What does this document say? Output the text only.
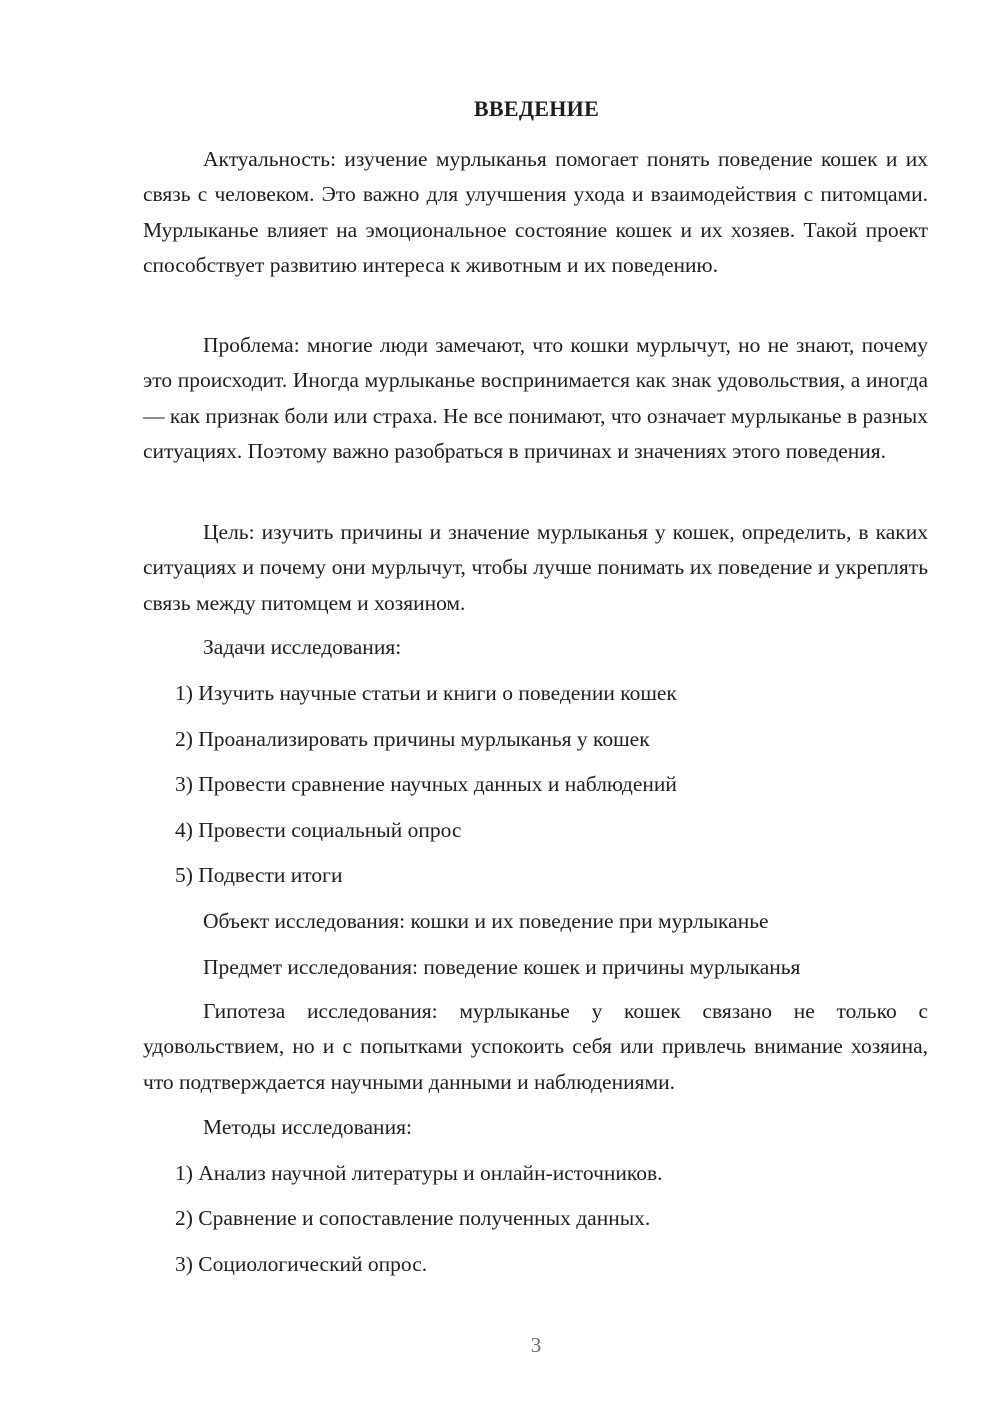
ВВЕДЕНИЕ

Актуальность: изучение мурлыканья помогает понять поведение кошек и их связь с человеком. Это важно для улучшения ухода и взаимодействия с питомцами. Мурлыканье влияет на эмоциональное состояние кошек и их хозяев. Такой проект способствует развитию интереса к животным и их поведению.

Проблема: многие люди замечают, что кошки мурлычут, но не знают, почему это происходит. Иногда мурлыканье воспринимается как знак удовольствия, а иногда — как признак боли или страха. Не все понимают, что означает мурлыканье в разных ситуациях. Поэтому важно разобраться в причинах и значениях этого поведения.

Цель: изучить причины и значение мурлыканья у кошек, определить, в каких ситуациях и почему они мурлычут, чтобы лучше понимать их поведение и укреплять связь между питомцем и хозяином.

Задачи исследования:

1) Изучить научные статьи и книги о поведении кошек

2) Проанализировать причины мурлыканья у кошек

3) Провести сравнение научных данных и наблюдений

4) Провести социальный опрос

5) Подвести итоги

Объект исследования: кошки и их поведение при мурлыканье

Предмет исследования: поведение кошек и причины мурлыканья

Гипотеза исследования: мурлыканье у кошек связано не только с удовольствием, но и с попытками успокоить себя или привлечь внимание хозяина, что подтверждается научными данными и наблюдениями.

Методы исследования:

1) Анализ научной литературы и онлайн-источников.

2) Сравнение и сопоставление полученных данных.

3) Социологический опрос.

3
